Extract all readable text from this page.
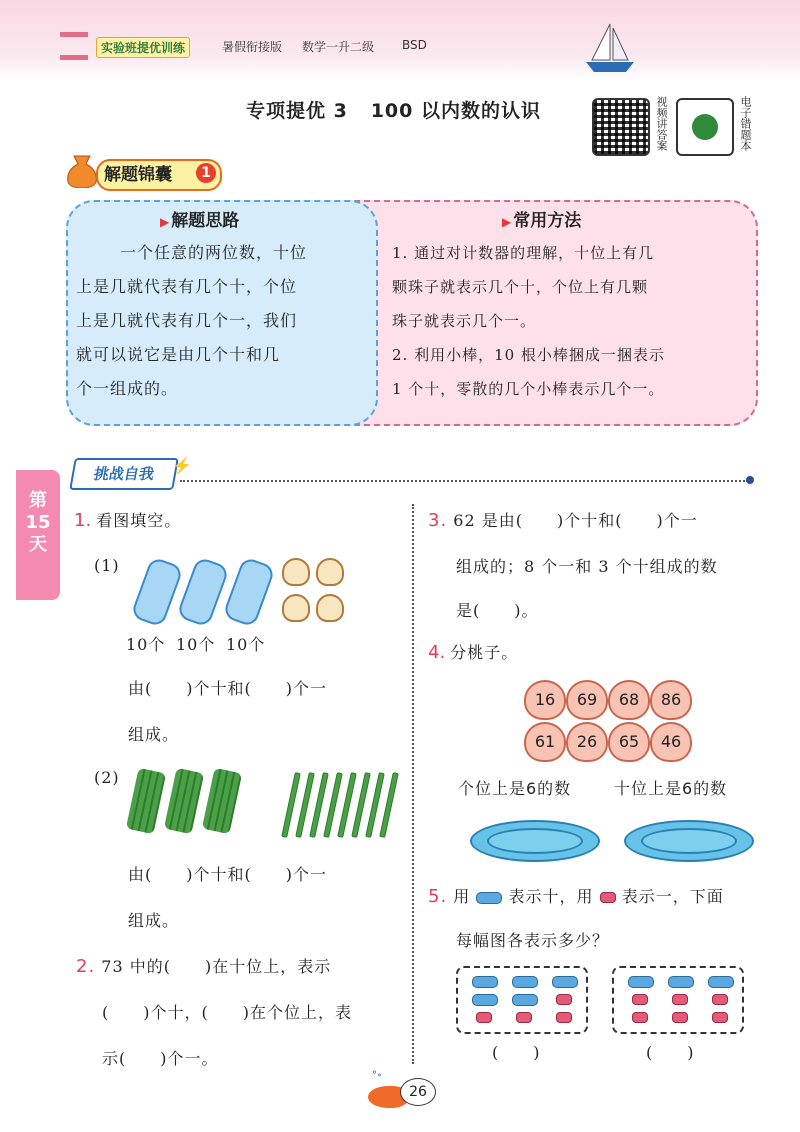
实验班提优训练	暑假衔接版 数学一升二级 BSD
专项提优 3 100 以内数的认识	视频讲答案	电子错题本
解题锦囊	1
▶ 解题思路
一个任意的两位数，十位
上是几就代表有几个十，个位
上是几就代表有几个一，我们
就可以说它是由几个十和几
个一组成的。
▶ 常用方法
1. 通过对计数器的理解，十位上有几
颗珠子就表示几个十，个位上有几颗
珠子就表示几个一。
2. 利用小棒，10 根小棒捆成一捆表示
1 个十，零散的几个小棒表示几个一。
第
15
天
挑战自我	⚡
1. 看图填空。
(1)
10个 10个 10个
由(　　)个十和(　　)个一
组成。
(2)
由(　　)个十和(　　)个一
组成。
2. 73 中的(　　)在十位上，表示
(　　)个十，(　　)在个位上，表
示(　　)个一。
3. 62 是由(　　)个十和(　　)个一
组成的；8 个一和 3 个十组成的数
是(　　)。
4. 分桃子。
16	69	68	86
61	26	65	46
个位上是6的数	十位上是6的数
5. 用 表示十，用 表示一，下面
每幅图各表示多少？
(　　)	(　　)
°∘
26
